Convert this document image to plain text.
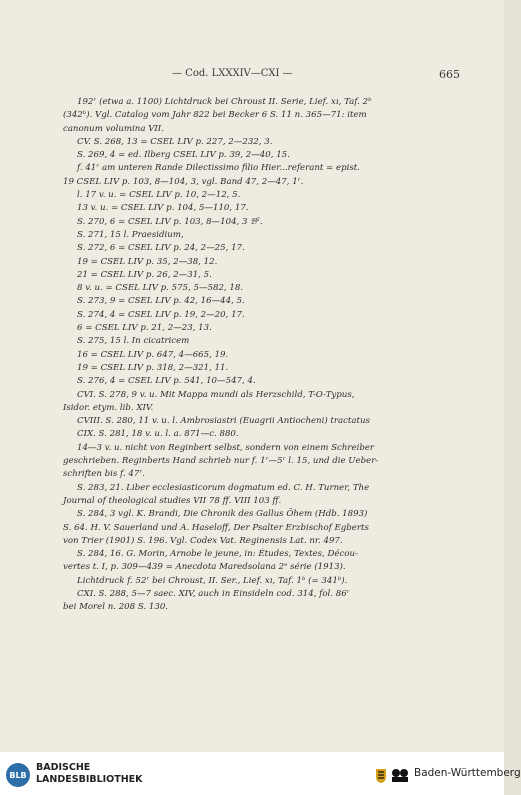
— Cod. LXXXIV—CXI —	665
192ʳ (etwa a. 1100) Lichtdruck bei Chroust II. Serie, Lief. xı, Taf. 2ᵇ
(342ᵇ). Vgl. Catalog vom Jahr 822 bei Becker 6 S. 11 n. 365—71: item
canonum volumina VII.
CV. S. 268, 13 = CSEL LIV p. 227, 2—232, 3.
S. 269, 4 = ed. Ilberg CSEL LIV p. 39, 2—40, 15.
f. 41ʳ am unteren Rande Dilectissimo filio Hier...referant = epist.
19 CSEL LIV p. 103, 8—104, 3, vgl. Band 47, 2—47, 1ʳ.
l. 17 v. u. = CSEL LIV p. 10, 2—12, 5.
13 v. u. = CSEL LIV p. 104, 5—110, 17.
S. 270, 6 = CSEL LIV p. 103, 8—104, 3 𝔅².
S. 271, 15 l. Praesidium,
S. 272, 6 = CSEL LIV p. 24, 2—25, 17.
19 = CSEL LIV p. 35, 2—38, 12.
21 = CSEL LIV p. 26, 2—31, 5.
8 v. u. = CSEL LIV p. 575, 5—582, 18.
S. 273, 9 = CSEL LIV p. 42, 16—44, 5.
S. 274, 4 = CSEL LIV p. 19, 2—20, 17.
6 = CSEL LIV p. 21, 2—23, 13.
S. 275, 15 l. In cicatricem
16 = CSEL LIV p. 647, 4—665, 19.
19 = CSEL LIV p. 318, 2—321, 11.
S. 276, 4 = CSEL LIV p. 541, 10—547, 4.
CVI. S. 278, 9 v. u. Mit Mappa mundi als Herzschild, T-O-Typus,
Isidor. etym. lib. XIV.
CVIII. S. 280, 11 v. u. l. Ambrosiastri (Euagrii Antiocheni) tractatus
CIX. S. 281, 18 v. u. l. a. 871—c. 880.
14—3 v. u. nicht von Reginbert selbst, sondern von einem Schreiber
geschrieben. Reginberts Hand schrieb nur f. 1ʳ—5ʳ l. 15, und die Ueber-
schriften bis f. 47ʳ.
S. 283, 21. Liber ecclesiasticorum dogmatum ed. C. H. Turner, The
Journal of theological studies VII 78 ff. VIII 103 ff.
S. 284, 3 vgl. K. Brandi, Die Chronik des Gallus Öhem (Hdb. 1893)
S. 64. H. V. Sauerland und A. Haseloff, Der Psalter Erzbischof Egberts
von Trier (1901) S. 196. Vgl. Codex Vat. Reginensis Lat. nr. 497.
S. 284, 16. G. Morin, Arnobe le jeune, in: Études, Textes, Décou-
vertes t. I, p. 309—439 = Anecdota Maredsolana 2ᵉ série (1913).
Lichtdruck f. 52ʳ bei Chroust, II. Ser., Lief. xı, Taf. 1ᵇ (= 341ᵇ).
CXI. S. 288, 5—7 saec. XIV, auch in Einsideln cod. 314, fol. 86ʳ
bei Morel n. 208 S. 130.
BLB
BADISCHE
LANDESBIBLIOTHEK
Baden-Württemberg
